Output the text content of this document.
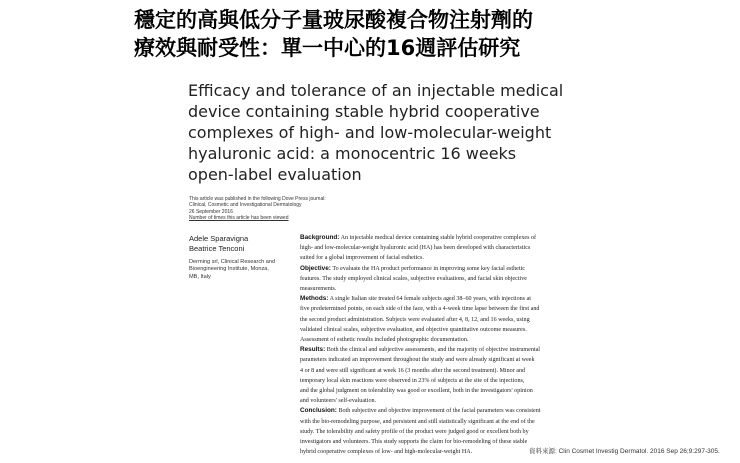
穩定的高與低分子量玻尿酸複合物注射劑的
療效與耐受性：單一中心的16週評估研究
Efficacy and tolerance of an injectable medical
device containing stable hybrid cooperative
complexes of high- and low-molecular-weight
hyaluronic acid: a monocentric 16 weeks
open-label evaluation
This article was published in the following Dove Press journal:
Clinical, Cosmetic and Investigational Dermatology
26 September 2016
Number of times this article has been viewed
Adele Sparavigna
Beatrice Tenconi
Derming srl, Clinical Research and
Bioengineering Institute, Monza,
MB, Italy
Background: An injectable medical device containing stable hybrid cooperative complexes of
high- and low-molecular-weight hyaluronic acid (HA) has been developed with characteristics
suited for a global improvement of facial esthetics.
Objective: To evaluate the HA product performance in improving some key facial esthetic
features. The study employed clinical scales, subjective evaluations, and facial skin objective
measurements.
Methods: A single Italian site treated 64 female subjects aged 38–60 years, with injections at
five predetermined points, on each side of the face, with a 4-week time lapse between the first and
the second product administration. Subjects were evaluated after 4, 8, 12, and 16 weeks, using
validated clinical scales, subjective evaluation, and objective quantitative outcome measures.
Assessment of esthetic results included photographic documentation.
Results: Both the clinical and subjective assessments, and the majority of objective instrumental
parameters indicated an improvement throughout the study and were already significant at week
4 or 8 and were still significant at week 16 (3 months after the second treatment). Minor and
temporary local skin reactions were observed in 23% of subjects at the site of the injections,
and the global judgment on tolerability was good or excellent, both in the investigators' opinion
and volunteers' self-evaluation.
Conclusion: Both subjective and objective improvement of the facial parameters was consistent
with the bio-remodeling purpose, and persistent and still statistically significant at the end of the
study. The tolerability and safety profile of the product were judged good or excellent both by
investigators and volunteers. This study supports the claim for bio-remodeling of these stable
hybrid cooperative complexes of low- and high-molecular-weight HA.	資料來源: Clin Cosmet Investig Dermatol. 2016 Sep 26;9:297-305.
